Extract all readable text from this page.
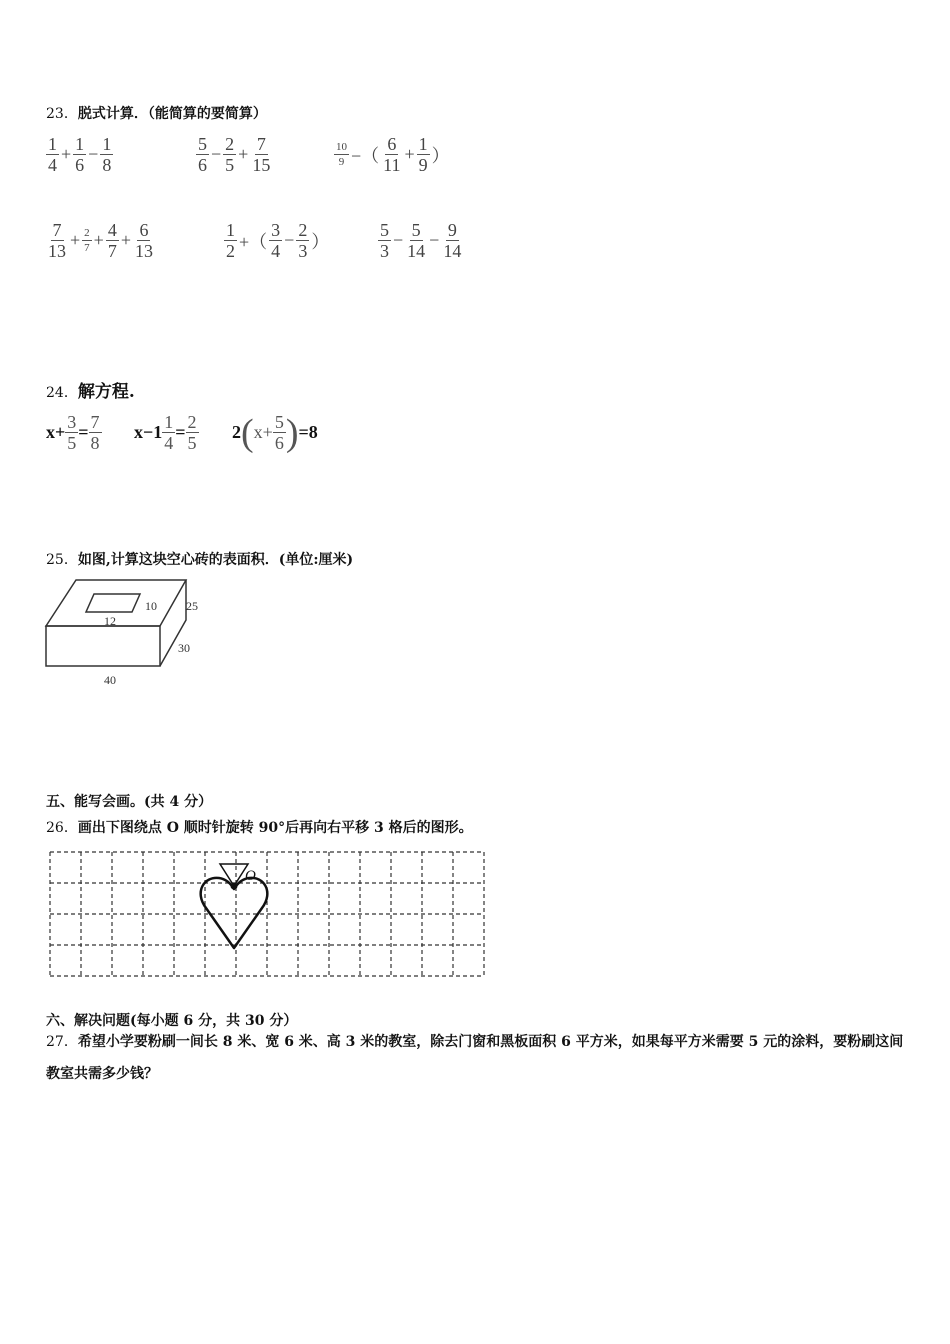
23．脱式计算．（能简算的要简算）
$\frac{1}{4} + \frac{1}{6} - \frac{1}{8}$	$\frac{5}{6} - \frac{2}{5} + \frac{7}{15}$	$\frac{10}{9}$ −（ $\frac{6}{11} + \frac{1}{9}$ ）
$\frac{7}{13} + \frac{2}{7} + \frac{4}{7} + \frac{6}{13}$	$\frac{1}{2}$ +（ $\frac{3}{4} - \frac{2}{3}$ ）	$\frac{5}{3} - \frac{5}{14} - \frac{9}{14}$
24．解方程.
$x+ \frac{3}{5} = \frac{7}{8} x-1 \frac{1}{4} = \frac{2}{5} 2$ ( $x+ \frac{5}{6}$ ) =8
25．如图,计算这块空心砖的表面积．(单位:厘米)
12
10 25
30
40
五、能写会画。(共 4 分）
26．画出下图绕点 O 顺时针旋转 90°后再向右平移 3 格后的图形。
O
六、解决问题(每小题 6 分，共 30 分）
27．希望小学要粉刷一间长 8 米、宽 6 米、高 3 米的教室，除去门窗和黑板面积 6 平方米，如果每平方米需要 5 元的涂料，要粉刷这间教室共需多少钱？
